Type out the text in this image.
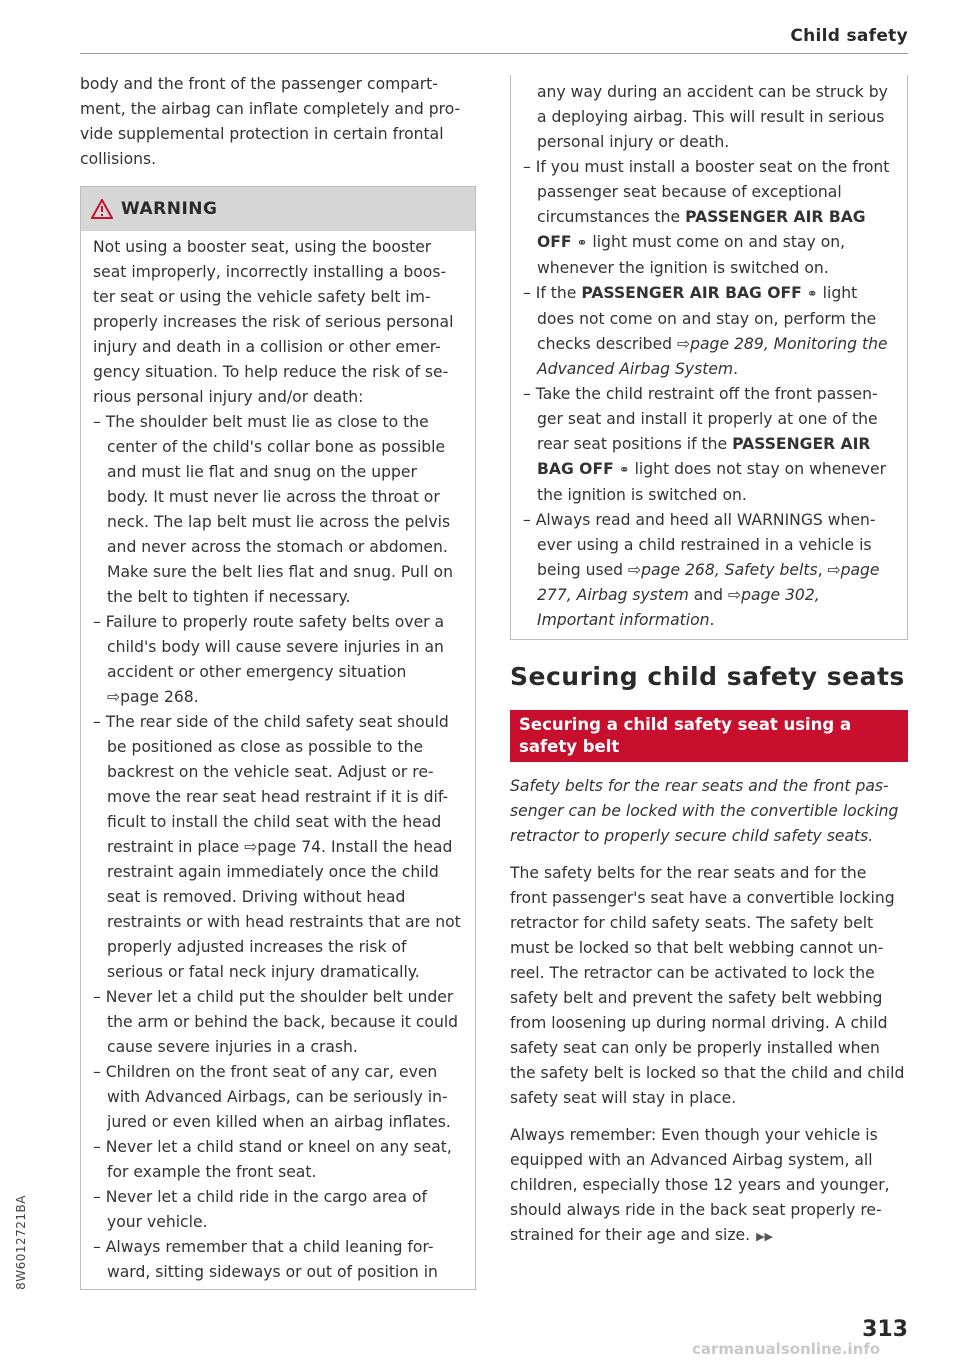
Child safety

body and the front of the passenger compart-ment, the airbag can inflate completely and pro-vide supplemental protection in certain frontal collisions.

WARNING

Not using a booster seat, using the booster seat improperly, incorrectly installing a boos-ter seat or using the vehicle safety belt im-properly increases the risk of serious personal injury and death in a collision or other emer-gency situation. To help reduce the risk of se-rious personal injury and/or death:

– The shoulder belt must lie as close to the center of the child's collar bone as possible and must lie flat and snug on the upper body. It must never lie across the throat or neck. The lap belt must lie across the pelvis and never across the stomach or abdomen. Make sure the belt lies flat and snug. Pull on the belt to tighten if necessary.

– Failure to properly route safety belts over a child's body will cause severe injuries in an accident or other emergency situation ⇨page 268.

– The rear side of the child safety seat should be positioned as close as possible to the backrest on the vehicle seat. Adjust or re-move the rear seat head restraint if it is dif-ficult to install the child seat with the head restraint in place ⇨page 74. Install the head restraint again immediately once the child seat is removed. Driving without head restraints or with head restraints that are not properly adjusted increases the risk of serious or fatal neck injury dramatically.

– Never let a child put the shoulder belt under the arm or behind the back, because it could cause severe injuries in a crash.

– Children on the front seat of any car, even with Advanced Airbags, can be seriously in-jured or even killed when an airbag inflates.

– Never let a child stand or kneel on any seat, for example the front seat.

– Never let a child ride in the cargo area of your vehicle.

– Always remember that a child leaning for-ward, sitting sideways or out of position in

any way during an accident can be struck by a deploying airbag. This will result in serious personal injury or death.

– If you must install a booster seat on the front passenger seat because of exceptional circumstances the PASSENGER AIR BAG OFF ⚭ light must come on and stay on, whenever the ignition is switched on.

– If the PASSENGER AIR BAG OFF ⚭ light does not come on and stay on, perform the checks described ⇨page 289, Monitoring the Advanced Airbag System.

– Take the child restraint off the front passen-ger seat and install it properly at one of the rear seat positions if the PASSENGER AIR BAG OFF ⚭ light does not stay on whenever the ignition is switched on.

– Always read and heed all WARNINGS when-ever using a child restrained in a vehicle is being used ⇨page 268, Safety belts, ⇨page 277, Airbag system and ⇨page 302, Important information.

Securing child safety seats
Securing a child safety seat using a safety belt

Safety belts for the rear seats and the front pas-senger can be locked with the convertible locking retractor to properly secure child safety seats.

The safety belts for the rear seats and for the front passenger's seat have a convertible locking retractor for child safety seats. The safety belt must be locked so that belt webbing cannot un-reel. The retractor can be activated to lock the safety belt and prevent the safety belt webbing from loosening up during normal driving. A child safety seat can only be properly installed when the safety belt is locked so that the child and child safety seat will stay in place.

Always remember: Even though your vehicle is equipped with an Advanced Airbag system, all children, especially those 12 years and younger, should always ride in the back seat properly re-strained for their age and size. ▶▶

8W6012721BA
313
carmanualsonline.info
